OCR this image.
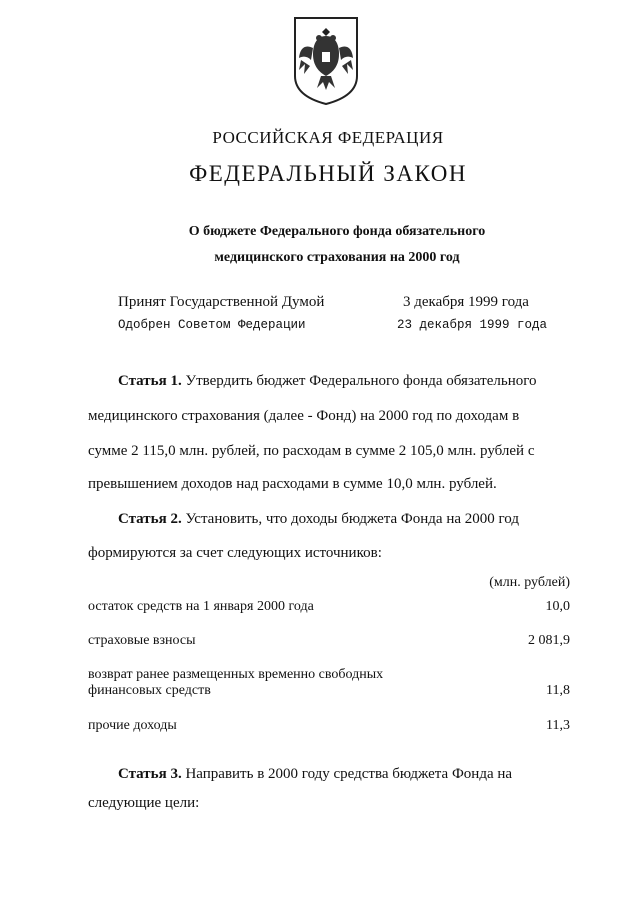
РОССИЙСКАЯ ФЕДЕРАЦИЯ
ФЕДЕРАЛЬНЫЙ ЗАКОН
О бюджете Федерального фонда обязательного
медицинского страхования на 2000 год
Принят Государственной Думой	3 декабря 1999 года
Одобрен Советом Федерации	23 декабря 1999 года
Статья 1. Утвердить бюджет Федерального фонда обязательного
медицинского страхования (далее - Фонд) на 2000 год по доходам в
сумме 2 115,0 млн. рублей, по расходам в сумме 2 105,0 млн. рублей с
превышением доходов над расходами в сумме 10,0 млн. рублей.
Статья 2. Установить, что доходы бюджета Фонда на 2000 год
формируются за счет следующих источников:
(млн. рублей)
остаток средств на 1 января 2000 года	10,0
страховые взносы	2 081,9
возврат ранее размещенных временно свободных
финансовых средств	11,8
прочие доходы	11,3
Статья 3. Направить в 2000 году средства бюджета Фонда на
следующие цели:
